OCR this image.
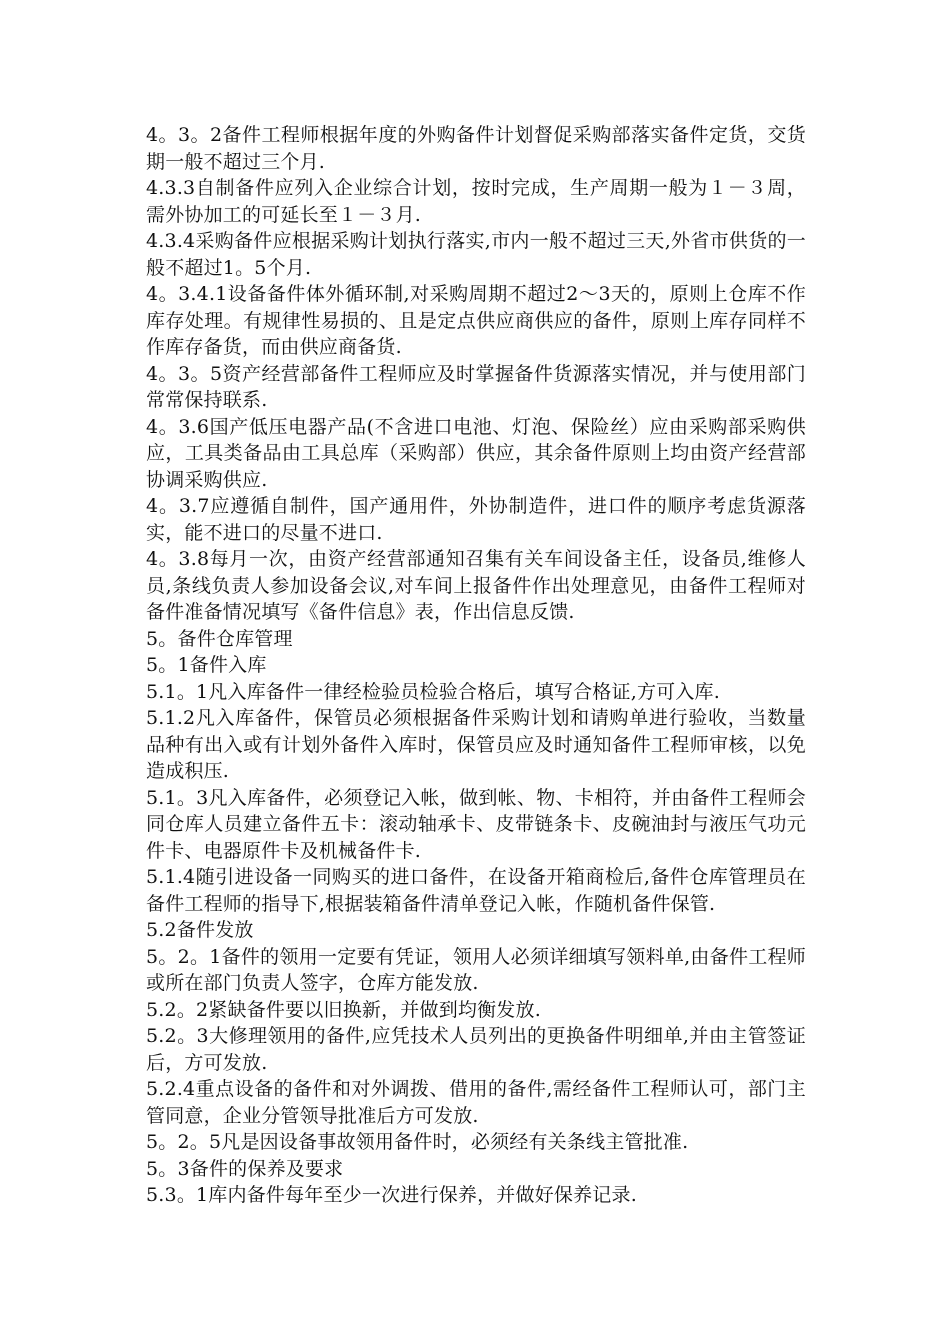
4。3。2备件工程师根据年度的外购备件计划督促采购部落实备件定货，交货期一般不超过三个月.

4.3.3自制备件应列入企业综合计划，按时完成，生产周期一般为１－３周，需外协加工的可延长至１－３月.

4.3.4采购备件应根据采购计划执行落实,市内一般不超过三天,外省市供货的一般不超过1。5个月.

4。3.4.1设备备件体外循环制,对采购周期不超过2～3天的，原则上仓库不作库存处理。有规律性易损的、且是定点供应商供应的备件，原则上库存同样不作库存备货，而由供应商备货.

4。3。5资产经营部备件工程师应及时掌握备件货源落实情况，并与使用部门常常保持联系.

4。3.6国产低压电器产品(不含进口电池、灯泡、保险丝）应由采购部采购供应，工具类备品由工具总库（采购部）供应，其余备件原则上均由资产经营部协调采购供应.

4。3.7应遵循自制件，国产通用件，外协制造件，进口件的顺序考虑货源落实，能不进口的尽量不进口.

4。3.8每月一次，由资产经营部通知召集有关车间设备主任，设备员,维修人员,条线负责人参加设备会议,对车间上报备件作出处理意见，由备件工程师对备件准备情况填写《备件信息》表，作出信息反馈.

5。备件仓库管理

5。1备件入库

5.1。1凡入库备件一律经检验员检验合格后，填写合格证,方可入库.

5.1.2凡入库备件，保管员必须根据备件采购计划和请购单进行验收，当数量品种有出入或有计划外备件入库时，保管员应及时通知备件工程师审核，以免造成积压.

5.1。3凡入库备件，必须登记入帐，做到帐、物、卡相符，并由备件工程师会同仓库人员建立备件五卡：滚动轴承卡、皮带链条卡、皮碗油封与液压气功元件卡、电器原件卡及机械备件卡.

5.1.4随引进设备一同购买的进口备件，在设备开箱商检后,备件仓库管理员在备件工程师的指导下,根据装箱备件清单登记入帐，作随机备件保管.

5.2备件发放

5。2。1备件的领用一定要有凭证，领用人必须详细填写领料单,由备件工程师或所在部门负责人签字，仓库方能发放.

5.2。2紧缺备件要以旧换新，并做到均衡发放.

5.2。3大修理领用的备件,应凭技术人员列出的更换备件明细单,并由主管签证后，方可发放.

5.2.4重点设备的备件和对外调拨、借用的备件,需经备件工程师认可，部门主管同意，企业分管领导批准后方可发放.

5。2。5凡是因设备事故领用备件时，必须经有关条线主管批准.

5。3备件的保养及要求

5.3。1库内备件每年至少一次进行保养，并做好保养记录.
